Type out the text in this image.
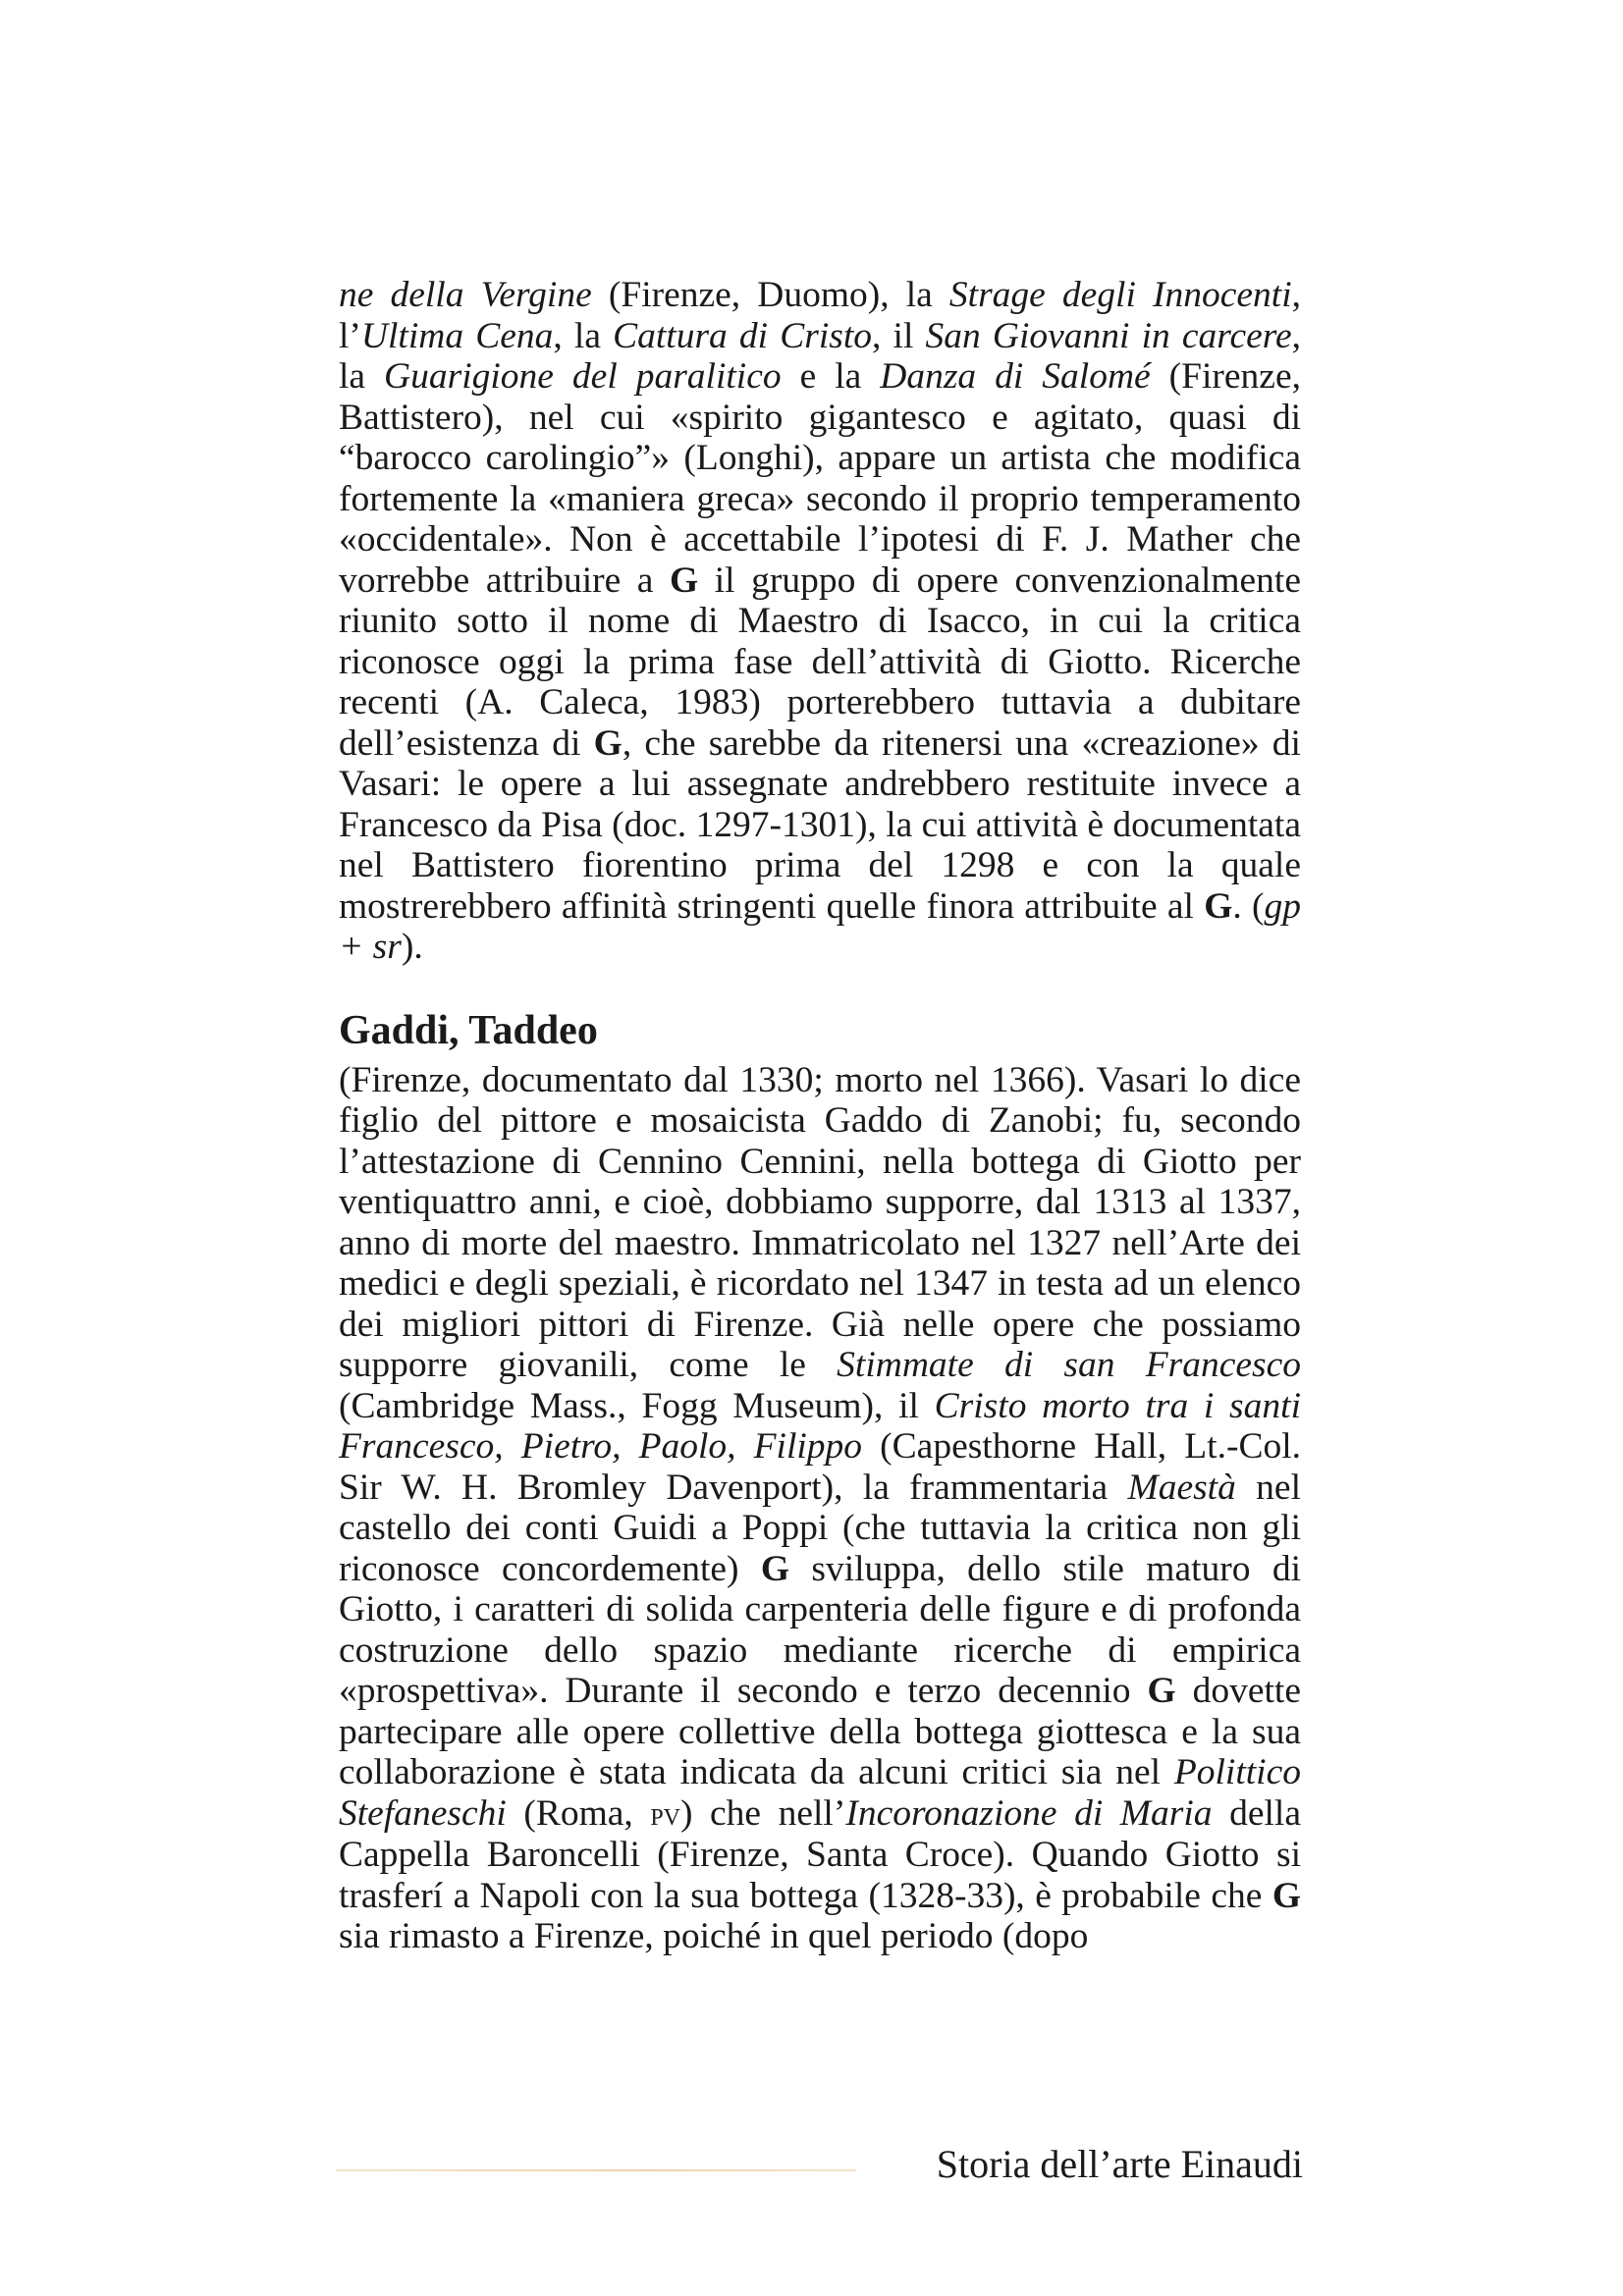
ne della Vergine (Firenze, Duomo), la Strage degli Innocenti, l’Ultima Cena, la Cattura di Cristo, il San Giovanni in carcere, la Guarigione del paralitico e la Danza di Salomé (Firenze, Battistero), nel cui «spirito gigantesco e agitato, quasi di “barocco carolingio”» (Longhi), appare un artista che modifica fortemente la «maniera greca» secondo il proprio temperamento «occidentale». Non è accettabile l’ipotesi di F. J. Mather che vorrebbe attribuire a G il gruppo di opere convenzionalmente riunito sotto il nome di Maestro di Isacco, in cui la critica riconosce oggi la prima fase dell’attività di Giotto. Ricerche recenti (A. Caleca, 1983) porterebbero tuttavia a dubitare dell’esistenza di G, che sarebbe da ritenersi una «creazione» di Vasari: le opere a lui assegnate andrebbero restituite invece a Francesco da Pisa (doc. 1297-1301), la cui attività è documentata nel Battistero fiorentino prima del 1298 e con la quale mostrerebbero affinità stringenti quelle finora attribuite al G. (gp + sr).

Gaddi, Taddeo

(Firenze, documentato dal 1330; morto nel 1366). Vasari lo dice figlio del pittore e mosaicista Gaddo di Zanobi; fu, secondo l’attestazione di Cennino Cennini, nella bottega di Giotto per ventiquattro anni, e cioè, dobbiamo supporre, dal 1313 al 1337, anno di morte del maestro. Immatricolato nel 1327 nell’Arte dei medici e degli speziali, è ricordato nel 1347 in testa ad un elenco dei migliori pittori di Firenze. Già nelle opere che possiamo supporre giovanili, come le Stimmate di san Francesco (Cambridge Mass., Fogg Museum), il Cristo morto tra i santi Francesco, Pietro, Paolo, Filippo (Capesthorne Hall, Lt.-Col. Sir W. H. Bromley Davenport), la frammentaria Maestà nel castello dei conti Guidi a Poppi (che tuttavia la critica non gli riconosce concordemente) G sviluppa, dello stile maturo di Giotto, i caratteri di solida carpenteria delle figure e di profonda costruzione dello spazio mediante ricerche di empirica «prospettiva». Durante il secondo e terzo decennio G dovette partecipare alle opere collettive della bottega giottesca e la sua collaborazione è stata indicata da alcuni critici sia nel Polittico Stefaneschi (Roma, pv) che nell’Incoronazione di Maria della Cappella Baroncelli (Firenze, Santa Croce). Quando Giotto si trasferí a Napoli con la sua bottega (1328-33), è probabile che G sia rimasto a Firenze, poiché in quel periodo (dopo

Storia dell’arte Einaudi
